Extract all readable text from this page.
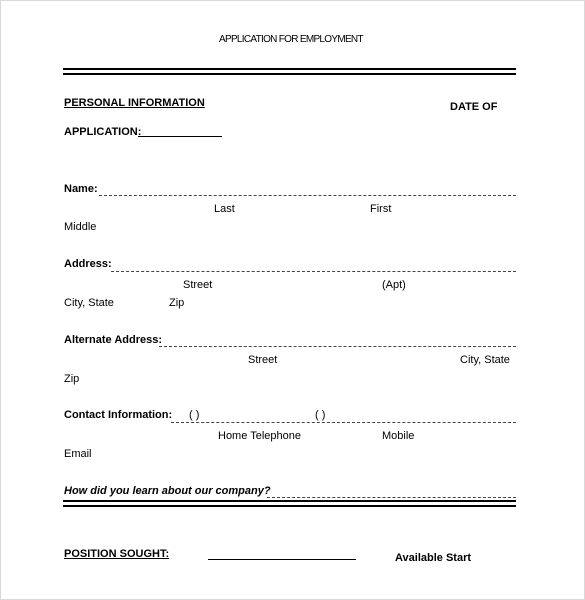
APPLICATION FOR EMPLOYMENT
PERSONAL INFORMATION	DATE OF
APPLICATION:
Name:
Last	First
Middle
Address:
Street	(Apt)
City, State	Zip
Alternate Address:
Street	City, State
Zip
Contact Information: ( )	( )
Home Telephone	Mobile
Email
How did you learn about our company?
POSITION SOUGHT:	Available Start
